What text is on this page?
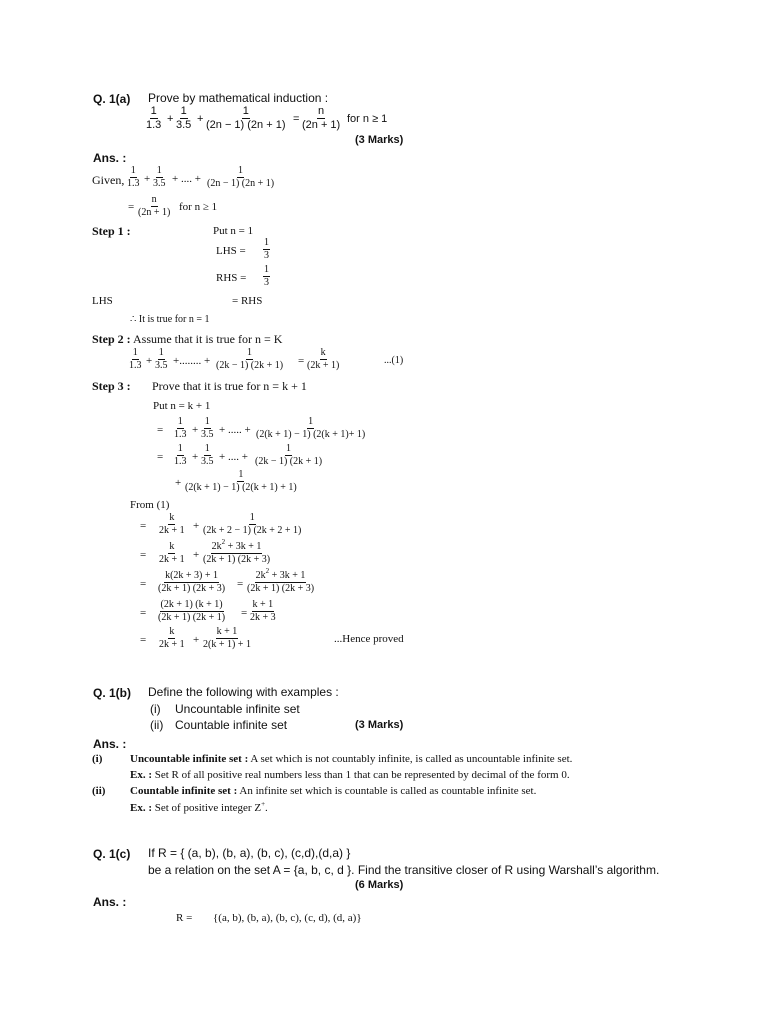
Q. 1(a) Prove by mathematical induction :
$\frac{1}{1.3} + \frac{1}{3.5} + \frac{1}{(2n - 1) (2n + 1)} = \frac{n}{(2n + 1)}$ for n ≥ 1
(3 Marks)
Ans. :
Given, $\frac{1}{1.3} + \frac{1}{3.5}$ + .... + $\frac{1}{(2n - 1) (2n + 1)}$
= $\frac{n}{(2n + 1)}$ for n ≥ 1
Step 1 :	Put n = 1
LHS = $\frac{1}{3}$
RHS = $\frac{1}{3}$
LHS	= RHS
∴ It is true for n = 1
Step 2 : Assume that it is true for n = K
$\frac{1}{1.3} + \frac{1}{3.5}$ +........ + $\frac{1}{(2k - 1) (2k + 1)} = \frac{k}{(2k + 1)}$	...(1)
Step 3 : Prove that it is true for n = k + 1
Put n = k + 1
= $\frac{1}{1.3} + \frac{1}{3.5}$ + ..... + $\frac{1}{(2(k + 1) - 1) (2(k + 1)+ 1)}$
= $\frac{1}{1.3} + \frac{1}{3.5}$ + .... + $\frac{1}{(2k - 1) (2k + 1)}$
+ $\frac{1}{(2(k + 1) - 1) (2(k + 1) + 1)}$
From (1)
= $\frac{k}{2k + 1} + \frac{1}{(2k + 2 - 1) (2k + 2 + 1)}$
= $\frac{k}{2k + 1} + \frac{2k^2 + 3k + 1}{(2k + 1) (2k + 3)}$
= $\frac{k(2k + 3) + 1}{(2k + 1) (2k + 3)} = \frac{2k^2 + 3k + 1}{(2k + 1) (2k + 3)}$
= $\frac{(2k + 1) (k + 1)}{(2k + 1) (2k + 1)} = \frac{k + 1}{2k + 3}$
= $\frac{k}{2k + 1} + \frac{k + 1}{2(k + 1) + 1}$	...Hence proved
Q. 1(b) Define the following with examples :
(i) Uncountable infinite set
(ii) Countable infinite set	(3 Marks)
Ans. :
(i)	Uncountable infinite set : A set which is not countably infinite, is called as uncountable infinite set.
Ex. : Set R of all positive real numbers less than 1 that can be represented by decimal of the form 0.
(ii) Countable infinite set : An infinite set which is countable is called as countable infinite set.
Ex. : Set of positive integer Z+.
Q. 1(c) If R = { (a, b), (b, a), (b, c), (c,d),(d,a) }
be a relation on the set A = {a, b, c, d }. Find the transitive closer of R using Warshall’s algorithm.
(6 Marks)
Ans. :
R = {(a, b), (b, a), (b, c), (c, d), (d, a)}
